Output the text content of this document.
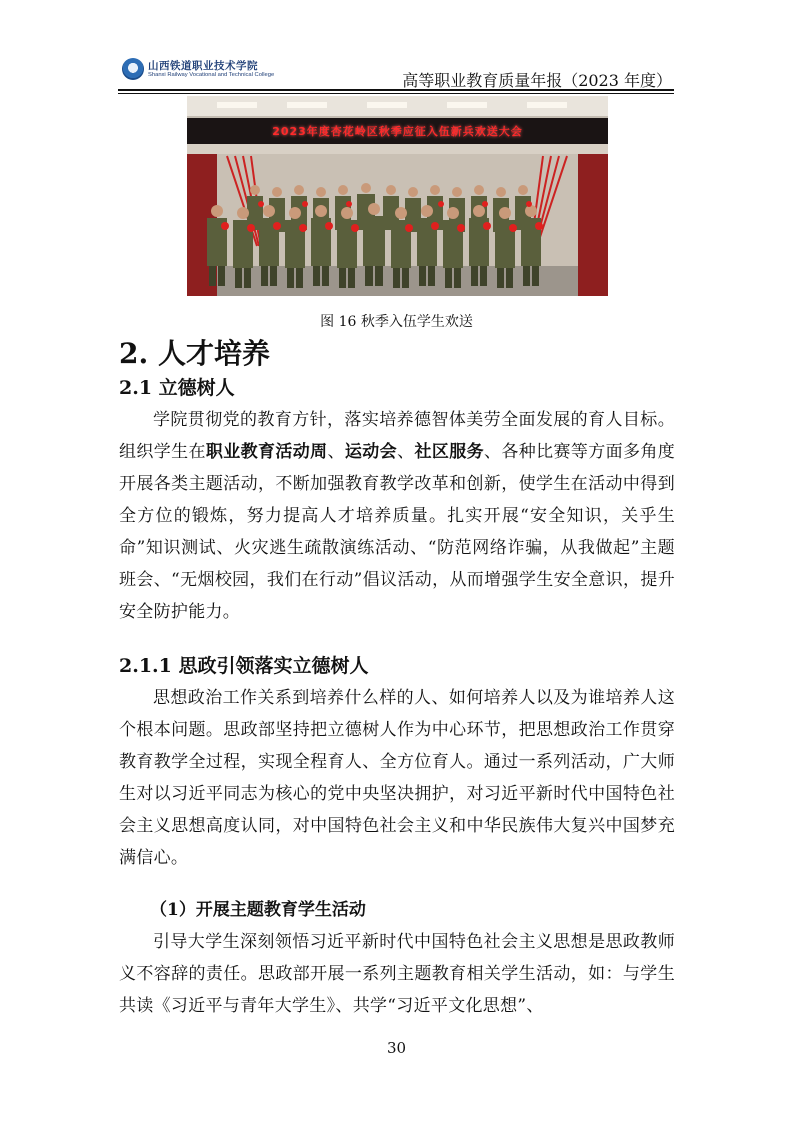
山西铁道职业技术学院
Shanxi Railway Vocational and Technical College	高等职业教育质量年报（2023 年度）
2023年度杏花岭区秋季应征入伍新兵欢送大会
图 16 秋季入伍学生欢送
2. 人才培养
2.1 立德树人

学院贯彻党的教育方针，落实培养德智体美劳全面发展的育人目标。组织学生在职业教育活动周、运动会、社区服务、各种比赛等方面多角度开展各类主题活动，不断加强教育教学改革和创新，使学生在活动中得到全方位的锻炼，努力提高人才培养质量。扎实开展“安全知识，关乎生命”知识测试、火灾逃生疏散演练活动、“防范网络诈骗，从我做起”主题班会、“无烟校园，我们在行动”倡议活动，从而增强学生安全意识，提升安全防护能力。

2.1.1 思政引领落实立德树人

思想政治工作关系到培养什么样的人、如何培养人以及为谁培养人这个根本问题。思政部坚持把立德树人作为中心环节，把思想政治工作贯穿教育教学全过程，实现全程育人、全方位育人。通过一系列活动，广大师生对以习近平同志为核心的党中央坚决拥护，对习近平新时代中国特色社会主义思想高度认同，对中国特色社会主义和中华民族伟大复兴中国梦充满信心。

（1）开展主题教育学生活动

引导大学生深刻领悟习近平新时代中国特色社会主义思想是思政教师义不容辞的责任。思政部开展一系列主题教育相关学生活动，如：与学生共读《习近平与青年大学生》、共学“习近平文化思想”、

30
